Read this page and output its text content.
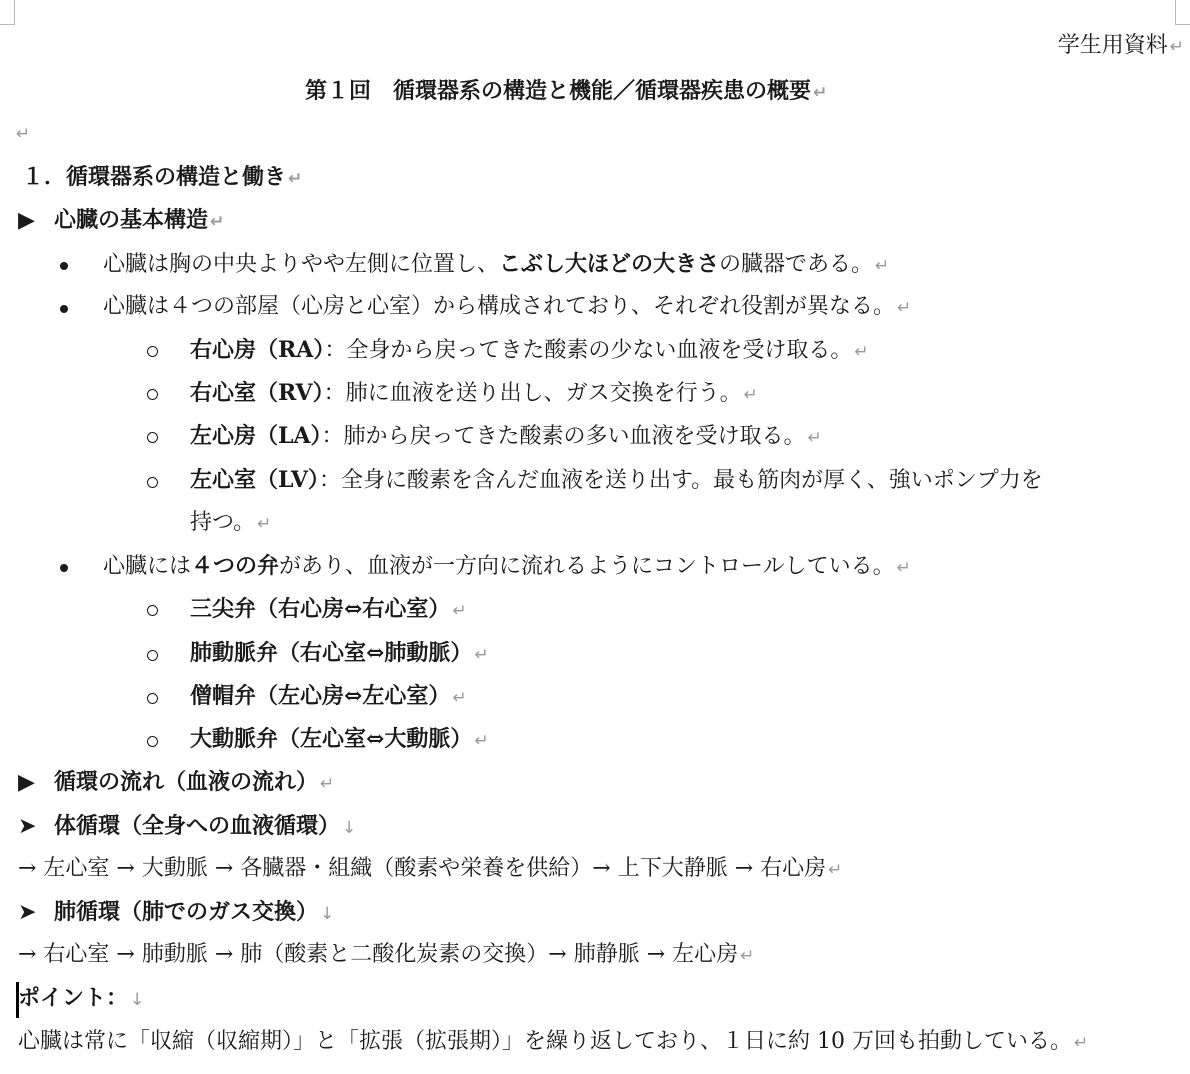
学生用資料 ↵
第１回　循環器系の構造と機能／循環器疾患の概要 ↵
↵
１．循環器系の構造と働き ↵
▶ 心臓の基本構造 ↵
心臓は胸の中央よりやや左側に位置し、こぶし大ほどの大きさの臓器である。 ↵
心臓は４つの部屋（心房と心室）から構成されており、それぞれ役割が異なる。 ↵
右心房（RA）：全身から戻ってきた酸素の少ない血液を受け取る。 ↵
右心室（RV）：肺に血液を送り出し、ガス交換を行う。 ↵
左心房（LA）：肺から戻ってきた酸素の多い血液を受け取る。 ↵
左心室（LV）：全身に酸素を含んだ血液を送り出す。最も筋肉が厚く、強いポンプ力を
持つ。 ↵
心臓には４つの弁があり、血液が一方向に流れるようにコントロールしている。 ↵
三尖弁（右心房⇔右心室） ↵
肺動脈弁（右心室⇔肺動脈） ↵
僧帽弁（左心房⇔左心室） ↵
大動脈弁（左心室⇔大動脈） ↵
▶ 循環の流れ（血液の流れ） ↵
➤ 体循環（全身への血液循環） ↓
→ 左心室 → 大動脈 → 各臓器・組織（酸素や栄養を供給）→ 上下大静脈 → 右心房 ↵
➤ 肺循環（肺でのガス交換） ↓
→ 右心室 → 肺動脈 → 肺（酸素と二酸化炭素の交換）→ 肺静脈 → 左心房 ↵
ポイント： ↓
心臓は常に「収縮（収縮期）」と「拡張（拡張期）」を繰り返しており、１日に約 10 万回も拍動している。 ↵
